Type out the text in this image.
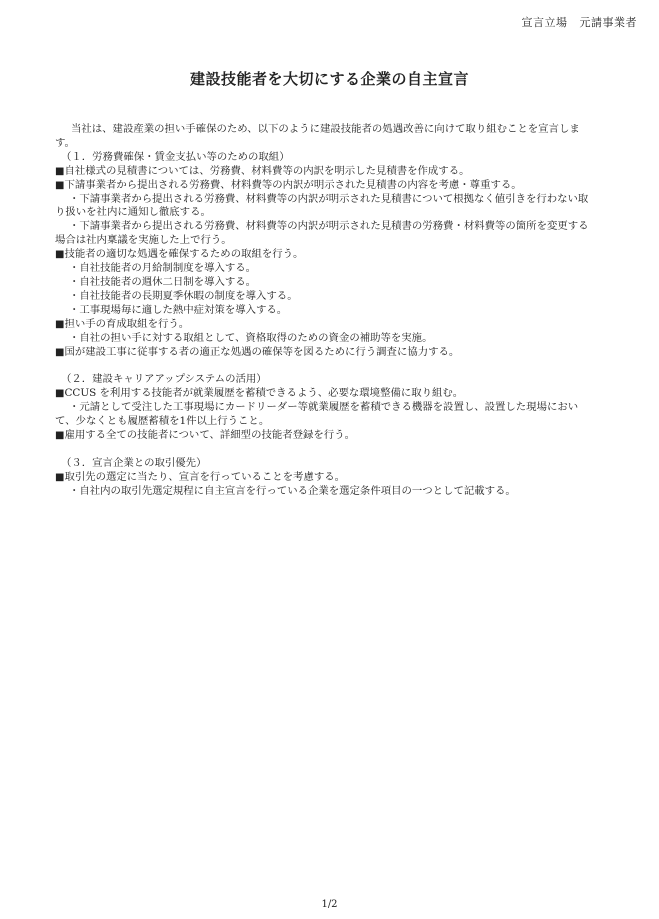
宣言立場 元請事業者
建設技能者を大切にする企業の自主宣言
当社は、建設産業の担い手確保のため、以下のように建設技能者の処遇改善に向けて取り組むことを宣言します。
（１．労務費確保・賃金支払い等のための取組）
■ 自社様式の見積書については、労務費、材料費等の内訳を明示した見積書を作成する。
■ 下請事業者から提出される労務費、材料費等の内訳が明示された見積書の内容を考慮・尊重する。
・下請事業者から提出される労務費、材料費等の内訳が明示された見積書について根拠なく値引きを行わない取り扱いを社内に通知し徹底する。
・下請事業者から提出される労務費、材料費等の内訳が明示された見積書の労務費・材料費等の箇所を変更する場合は社内稟議を実施した上で行う。
■ 技能者の適切な処遇を確保するための取組を行う。
・自社技能者の月給制制度を導入する。
・自社技能者の週休二日制を導入する。
・自社技能者の長期夏季休暇の制度を導入する。
・工事現場毎に適した熱中症対策を導入する。
■ 担い手の育成取組を行う。
・自社の担い手に対する取組として、資格取得のための資金の補助等を実施。
■ 国が建設工事に従事する者の適正な処遇の確保等を図るために行う調査に協力する。
（２．建設キャリアアップシステムの活用）
■ CCUS を利用する技能者が就業履歴を蓄積できるよう、必要な環境整備に取り組む。
・元請として受注した工事現場にカードリーダー等就業履歴を蓄積できる機器を設置し、設置した現場において、少なくとも履歴蓄積を1件以上行うこと。
■ 雇用する全ての技能者について、詳細型の技能者登録を行う。
（３．宣言企業との取引優先）
■ 取引先の選定に当たり、宣言を行っていることを考慮する。
・自社内の取引先選定規程に自主宣言を行っている企業を選定条件項目の一つとして記載する。
1/2
